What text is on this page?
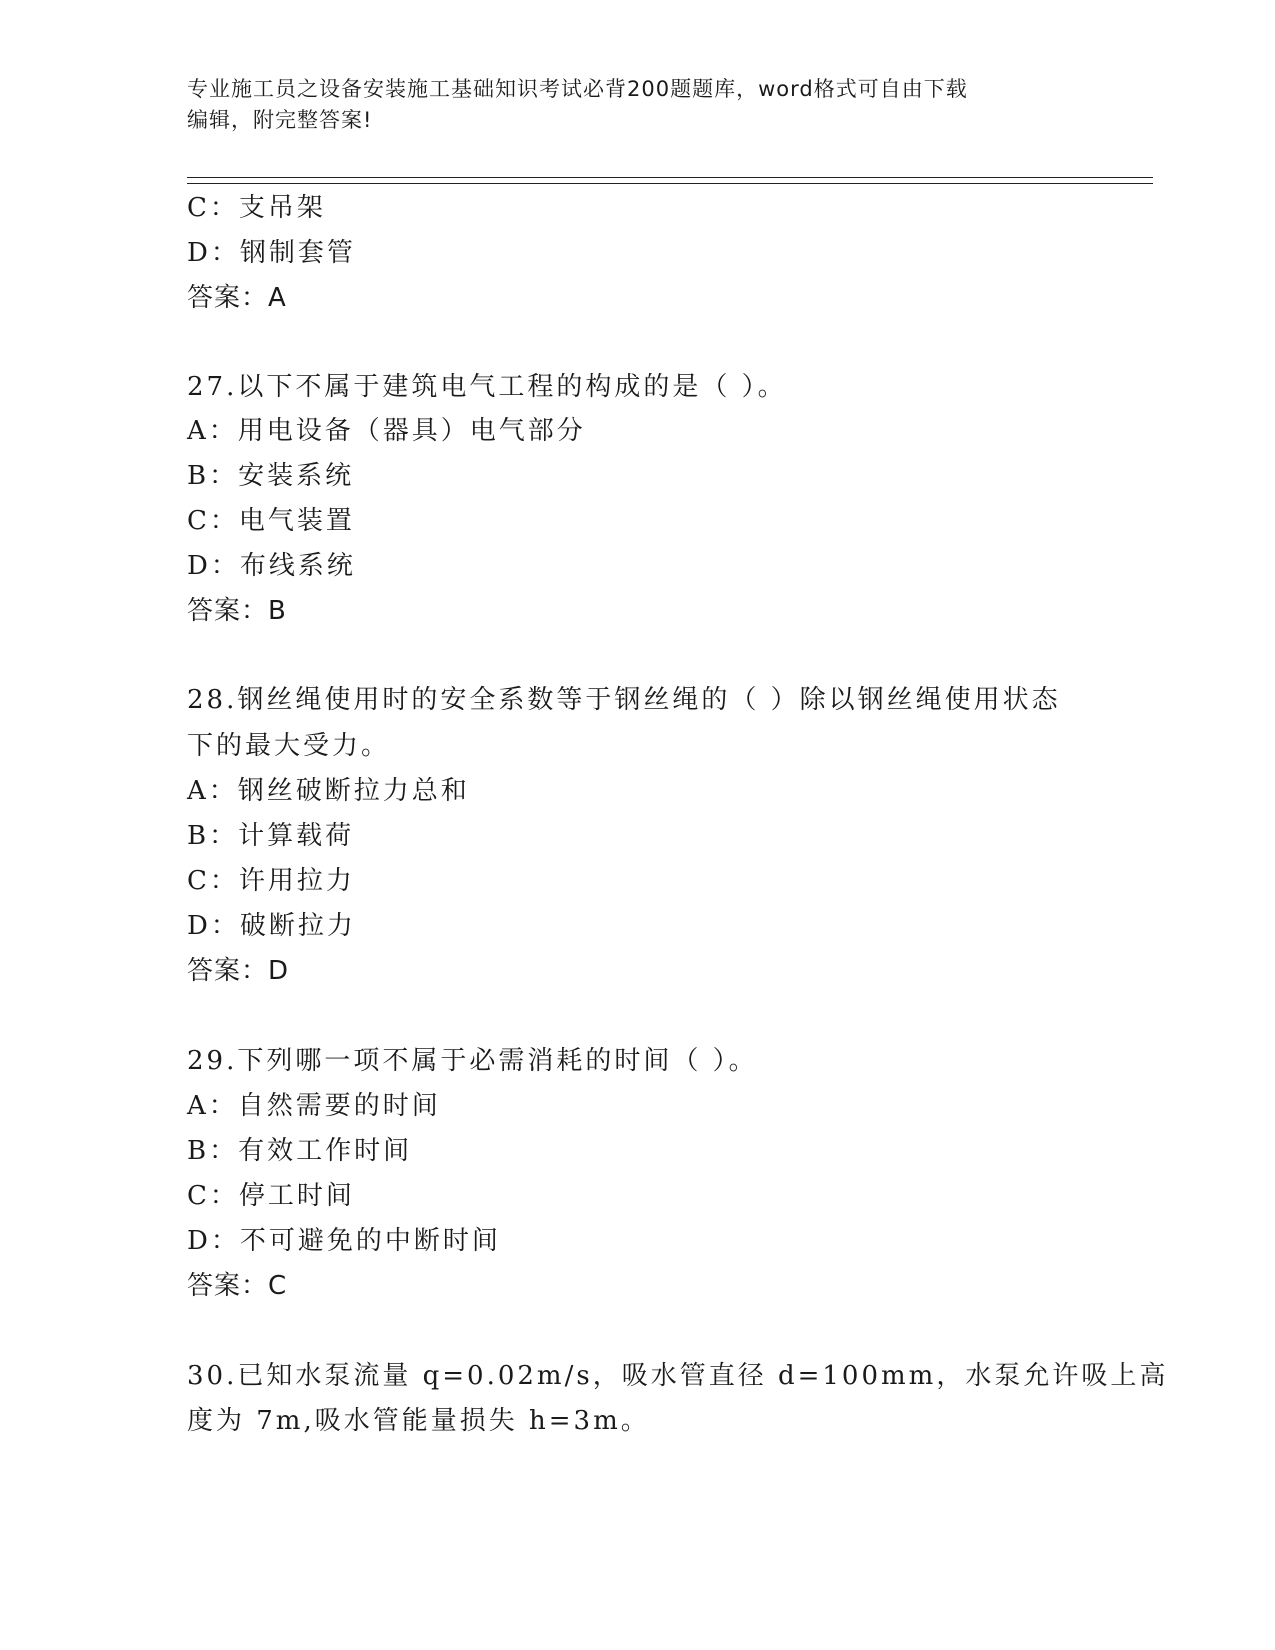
专业施工员之设备安装施工基础知识考试必背200题题库，word格式可自由下载
编辑，附完整答案!
C：支吊架
D：钢制套管
答案：A
27.以下不属于建筑电气工程的构成的是（ ）。
A：用电设备（器具）电气部分
B：安装系统
C：电气装置
D：布线系统
答案：B
28.钢丝绳使用时的安全系数等于钢丝绳的（ ）除以钢丝绳使用状态
下的最大受力。
A：钢丝破断拉力总和
B：计算载荷
C：许用拉力
D：破断拉力
答案：D
29.下列哪一项不属于必需消耗的时间（ ）。
A：自然需要的时间
B：有效工作时间
C：停工时间
D：不可避免的中断时间
答案：C
30.已知水泵流量 q=0.02m/s，吸水管直径 d=100mm，水泵允许吸上高
度为 7m,吸水管能量损失 h=3m。
